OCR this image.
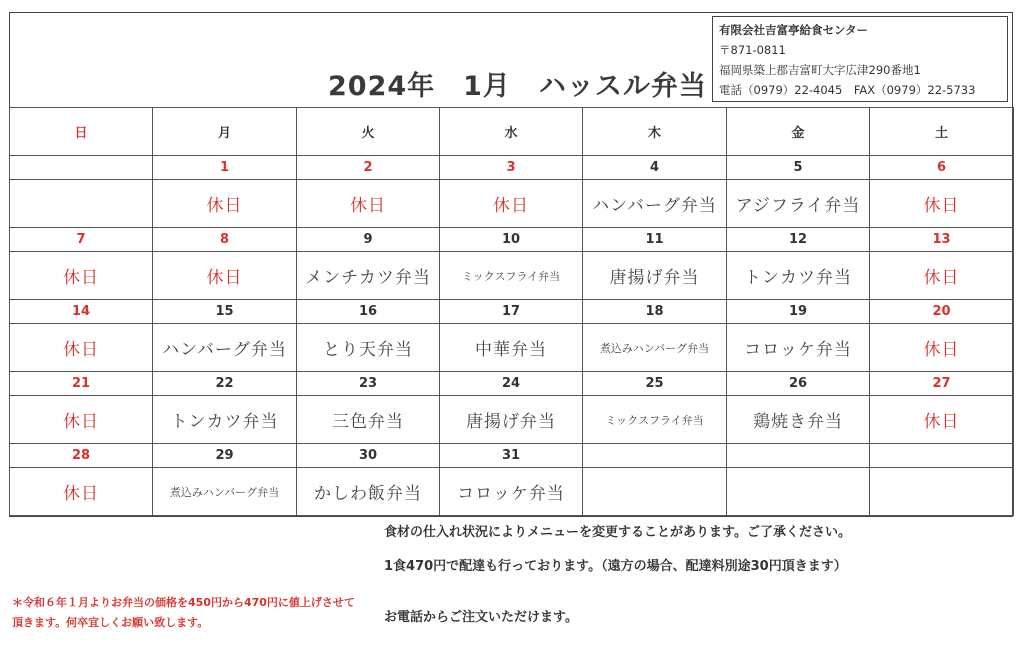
2024年　1月　ハッスル弁当
有限会社吉富亭給食センター
〒871-0811
福岡県築上郡吉富町大字広津290番地1
電話（0979）22-4045　FAX（0979）22-5733
日	月	火	水	木	金	土
	1	2	3	4	5	6
	休日	休日	休日	ハンバーグ弁当	アジフライ弁当	休日
7	8	9	10	11	12	13
休日	休日	メンチカツ弁当	ミックスフライ弁当	唐揚げ弁当	トンカツ弁当	休日
14	15	16	17	18	19	20
休日	ハンバーグ弁当	とり天弁当	中華弁当	煮込みハンバーグ弁当	コロッケ弁当	休日
21	22	23	24	25	26	27
休日	トンカツ弁当	三色弁当	唐揚げ弁当	ミックスフライ弁当	鶏焼き弁当	休日
28	29	30	31			
休日	煮込みハンバーグ弁当	かしわ飯弁当	コロッケ弁当			
食材の仕入れ状況によりメニューを変更することがあります。ご了承ください。
1食470円で配達も行っております。（遠方の場合、配達料別途30円頂きます）
お電話からご注文いただけます。
＊令和６年１月よりお弁当の価格を450円から470円に値上げさせて頂きます。何卒宜しくお願い致します。
